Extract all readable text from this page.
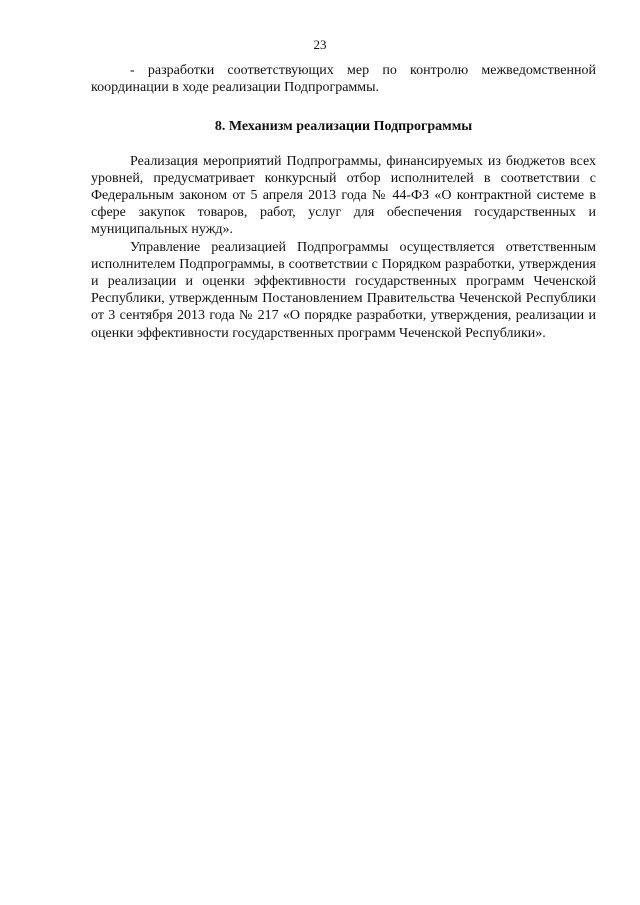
23

- разработки соответствующих мер по контролю межведомственной координации в ходе реализации Подпрограммы.

8. Механизм реализации Подпрограммы

Реализация мероприятий Подпрограммы, финансируемых из бюджетов всех уровней, предусматривает конкурсный отбор исполнителей в соответствии с Федеральным законом от 5 апреля 2013 года № 44-ФЗ «О контрактной системе в сфере закупок товаров, работ, услуг для обеспечения государственных и муниципальных нужд».

Управление реализацией Подпрограммы осуществляется ответственным исполнителем Подпрограммы, в соответствии с Порядком разработки, утверждения и реализации и оценки эффективности государственных программ Чеченской Республики, утвержденным Постановлением Правительства Чеченской Республики от 3 сентября 2013 года № 217 «О порядке разработки, утверждения, реализации и оценки эффективности государственных программ Чеченской Республики».
